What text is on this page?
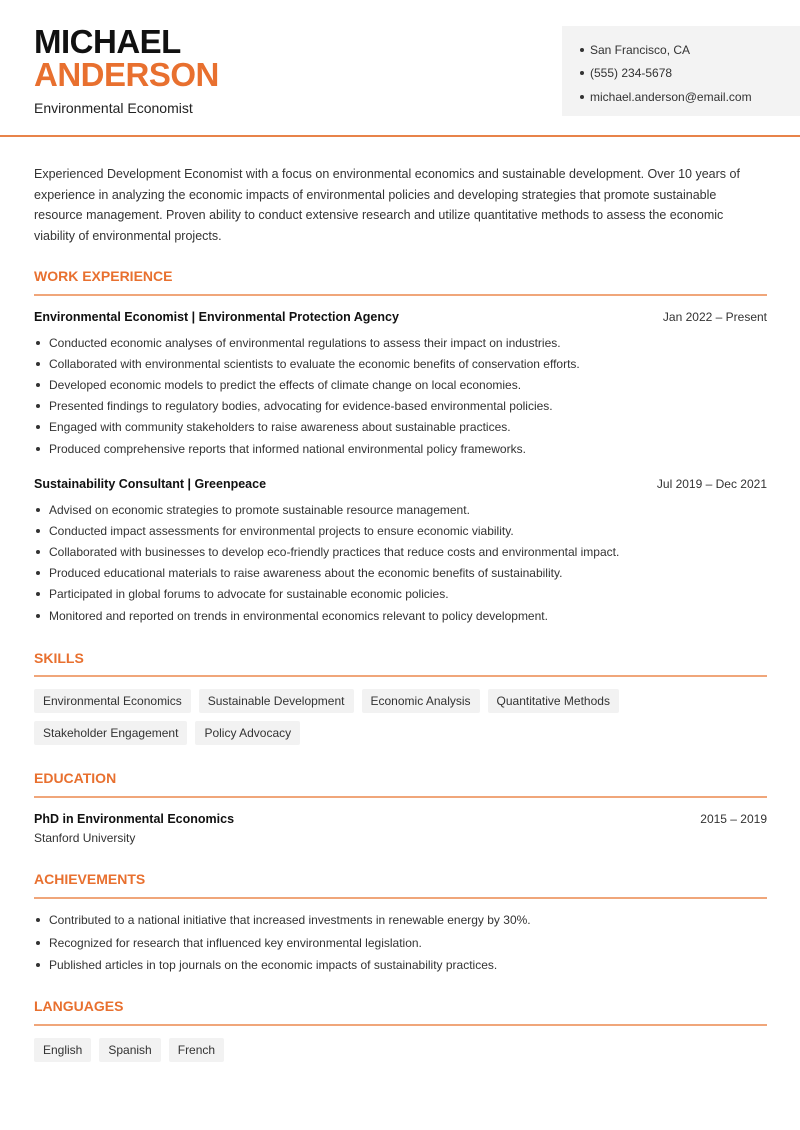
MICHAEL
ANDERSON
Environmental Economist
San Francisco, CA
(555) 234-5678
michael.anderson@email.com

Experienced Development Economist with a focus on environmental economics and sustainable development. Over 10 years of experience in analyzing the economic impacts of environmental policies and developing strategies that promote sustainable resource management. Proven ability to conduct extensive research and utilize quantitative methods to assess the economic viability of environmental projects.

WORK EXPERIENCE
Environmental Economist | Environmental Protection Agency	Jan 2022 – Present
Conducted economic analyses of environmental regulations to assess their impact on industries.
Collaborated with environmental scientists to evaluate the economic benefits of conservation efforts.
Developed economic models to predict the effects of climate change on local economies.
Presented findings to regulatory bodies, advocating for evidence-based environmental policies.
Engaged with community stakeholders to raise awareness about sustainable practices.
Produced comprehensive reports that informed national environmental policy frameworks.
Sustainability Consultant | Greenpeace	Jul 2019 – Dec 2021
Advised on economic strategies to promote sustainable resource management.
Conducted impact assessments for environmental projects to ensure economic viability.
Collaborated with businesses to develop eco-friendly practices that reduce costs and environmental impact.
Produced educational materials to raise awareness about the economic benefits of sustainability.
Participated in global forums to advocate for sustainable economic policies.
Monitored and reported on trends in environmental economics relevant to policy development.
SKILLS
Environmental Economics	Sustainable Development	Economic Analysis	Quantitative Methods
Stakeholder Engagement	Policy Advocacy
EDUCATION
PhD in Environmental Economics	2015 – 2019
Stanford University
ACHIEVEMENTS
Contributed to a national initiative that increased investments in renewable energy by 30%.
Recognized for research that influenced key environmental legislation.
Published articles in top journals on the economic impacts of sustainability practices.
LANGUAGES
English	Spanish	French
